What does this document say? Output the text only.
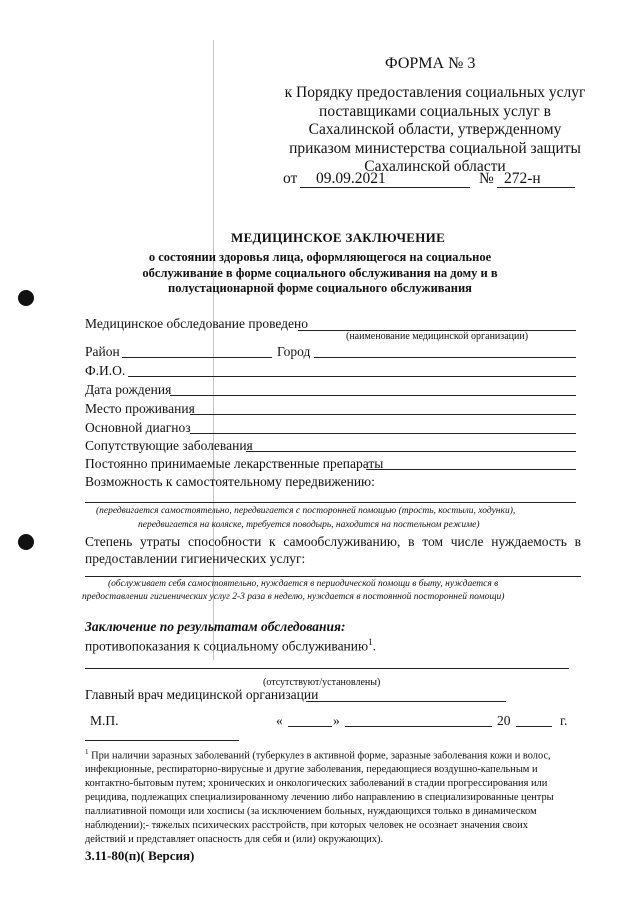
ФОРМА № 3
к Порядку предоставления социальных услуг
поставщиками социальных услуг в
Сахалинской области, утвержденному
приказом министерства социальной защиты
Сахалинской области
от 09.09.2021	№ 272-н
МЕДИЦИНСКОЕ ЗАКЛЮЧЕНИЕ
о состоянии здоровья лица, оформляющегося на социальное
обслуживание в форме социального обслуживания на дому и в
полустационарной форме социального обслуживания
Медицинское обследование проведено
(наименование медицинской организации)
Район	Город
Ф.И.О.
Дата рождения
Место проживания
Основной диагноз
Сопутствующие заболевания
Постоянно принимаемые лекарственные препараты
Возможность к самостоятельному передвижению:
(передвигается самостоятельно, передвигается с посторонней помощью (трость, костыли, ходунки),
передвигается на коляске, требуется поводырь, находится на постельном режиме)
Степень утраты способности к самообслуживанию, в том числе нуждаемость в
предоставлении гигиенических услуг:
(обслуживает себя самостоятельно, нуждается в периодической помощи в быту, нуждается в
предоставлении гигиенических услуг 2-3 раза в неделю, нуждается в постоянной посторонней помощи)
Заключение по результатам обследования:
противопоказания к социальному обслуживанию$^1$.
(отсутствуют/установлены)
Главный врач медицинской организации
М.П.	«	»	20	г.
$^1$ При наличии заразных заболеваний (туберкулез в активной форме, заразные заболевания кожи и волос,
инфекционные, респираторно-вирусные и другие заболевания, передающиеся воздушно-капельным и
контактно-бытовым путем; хронических и онкологических заболеваний в стадии прогрессирования или
рецидива, подлежащих специализированному лечению либо направлению в специализированные центры
паллиативной помощи или хосписы (за исключением больных, нуждающихся только в динамическом
наблюдении);- тяжелых психических расстройств, при которых человек не осознает значения своих
действий и представляет опасность для себя и (или) окружающих).
3.11-80(п)( Версия)
